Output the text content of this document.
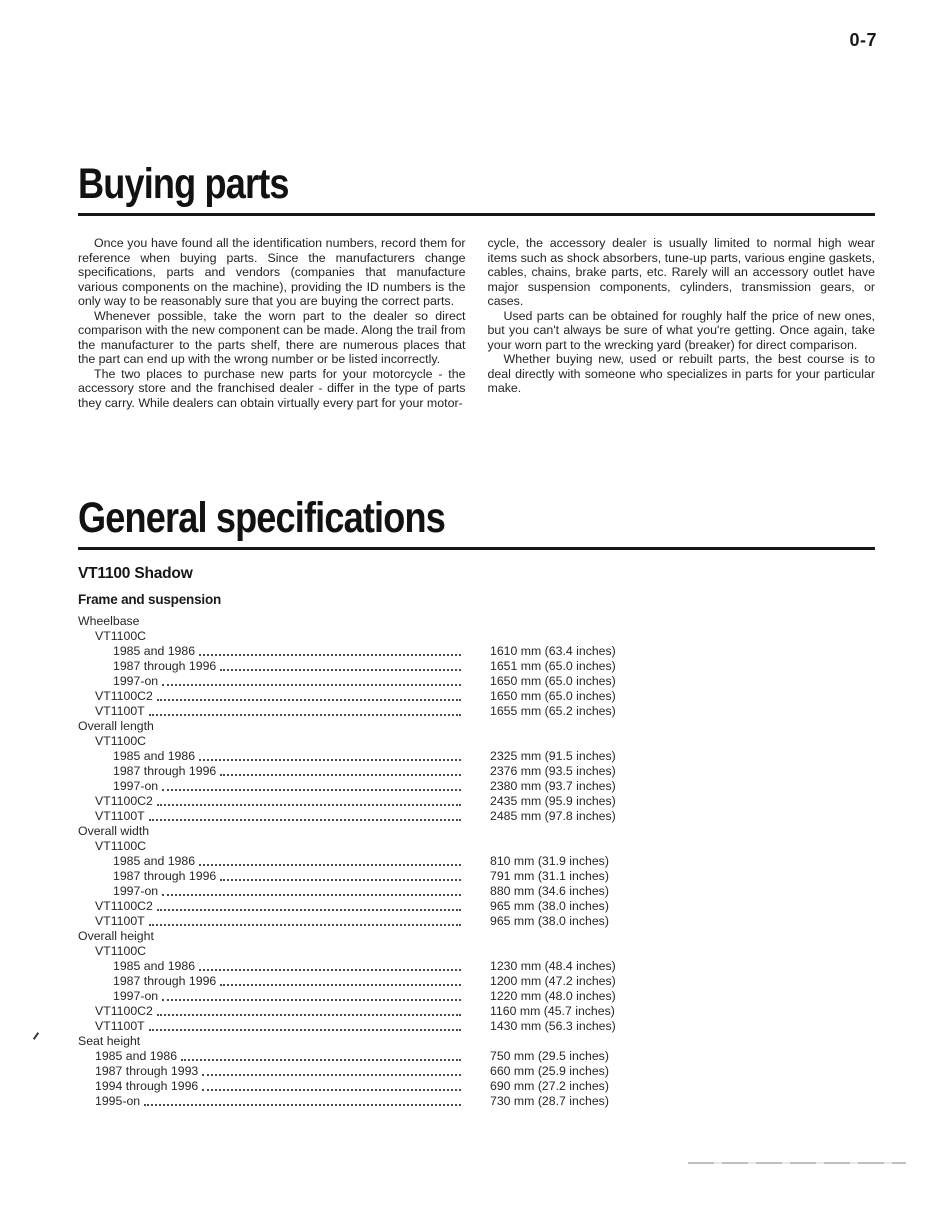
0-7
Buying parts

Once you have found all the identification numbers, record them for reference when buying parts. Since the manufacturers change specifications, parts and vendors (companies that manufacture various components on the machine), providing the ID numbers is the only way to be reasonably sure that you are buying the correct parts.

Whenever possible, take the worn part to the dealer so direct comparison with the new component can be made. Along the trail from the manufacturer to the parts shelf, there are numerous places that the part can end up with the wrong number or be listed incorrectly.

The two places to purchase new parts for your motorcycle - the accessory store and the franchised dealer - differ in the type of parts they carry. While dealers can obtain virtually every part for your motor-

cycle, the accessory dealer is usually limited to normal high wear items such as shock absorbers, tune-up parts, various engine gaskets, cables, chains, brake parts, etc. Rarely will an accessory outlet have major suspension components, cylinders, transmission gears, or cases.

Used parts can be obtained for roughly half the price of new ones, but you can't always be sure of what you're getting. Once again, take your worn part to the wrecking yard (breaker) for direct comparison.

Whether buying new, used or rebuilt parts, the best course is to deal directly with someone who specializes in parts for your particular make.

General specifications

VT1100 Shadow

Frame and suspension

Wheelbase
VT1100C
1985 and 1986	1610 mm (63.4 inches)
1987 through 1996	1651 mm (65.0 inches)
1997-on	1650 mm (65.0 inches)
VT1100C2	1650 mm (65.0 inches)
VT1100T	1655 mm (65.2 inches)
Overall length
VT1100C
1985 and 1986	2325 mm (91.5 inches)
1987 through 1996	2376 mm (93.5 inches)
1997-on	2380 mm (93.7 inches)
VT1100C2	2435 mm (95.9 inches)
VT1100T	2485 mm (97.8 inches)
Overall width
VT1100C
1985 and 1986	810 mm (31.9 inches)
1987 through 1996	791 mm (31.1 inches)
1997-on	880 mm (34.6 inches)
VT1100C2	965 mm (38.0 inches)
VT1100T	965 mm (38.0 inches)
Overall height
VT1100C
1985 and 1986	1230 mm (48.4 inches)
1987 through 1996	1200 mm (47.2 inches)
1997-on	1220 mm (48.0 inches)
VT1100C2	1160 mm (45.7 inches)
VT1100T	1430 mm (56.3 inches)
Seat height
1985 and 1986	750 mm (29.5 inches)
1987 through 1993	660 mm (25.9 inches)
1994 through 1996	690 mm (27.2 inches)
1995-on	730 mm (28.7 inches)
